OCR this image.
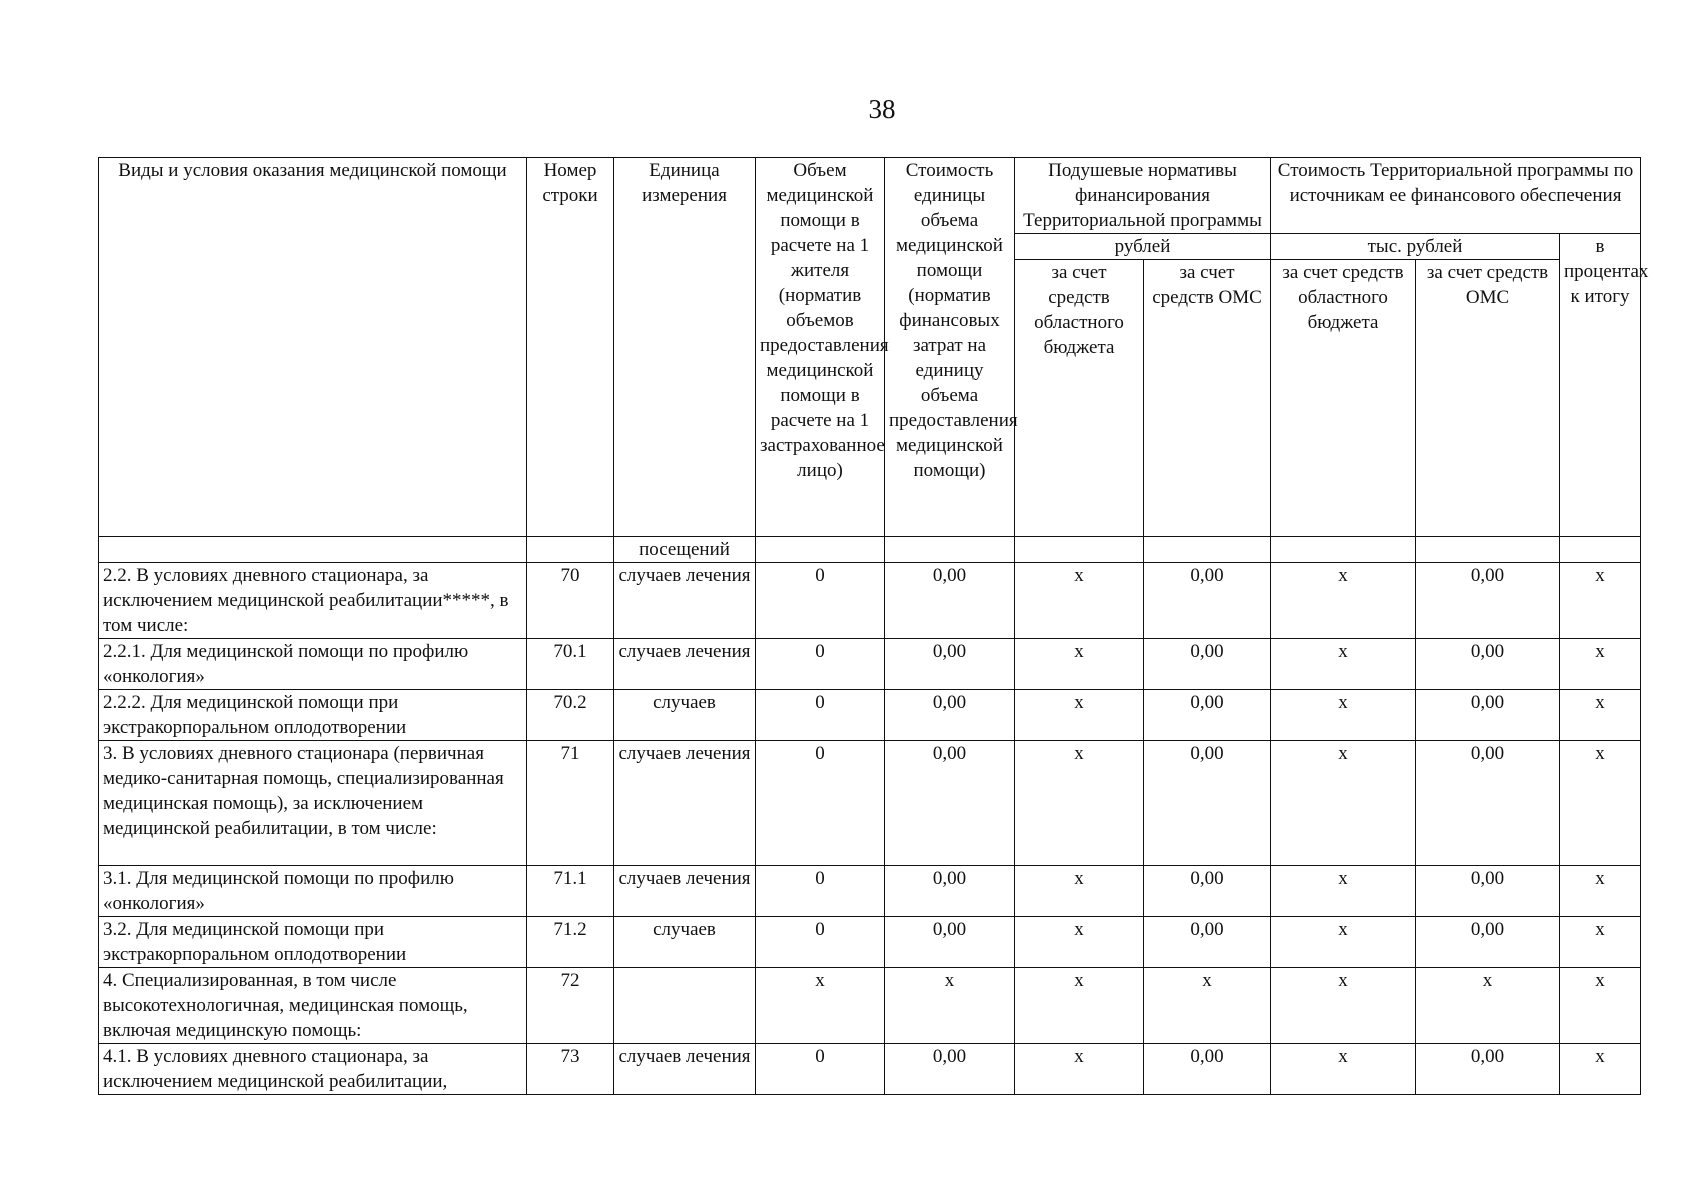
38
Виды и условия оказания медицинской помощи	Номер строки	Единица измерения	Объем медицинской помощи в расчете на 1 жителя (норматив объемов предоставления медицинской помощи в расчете на 1 застрахованное лицо)	Стоимость единицы объема медицинской помощи (норматив финансовых затрат на единицу объема предоставления медицинской помощи)	Подушевые нормативы финансирования Территориальной программы		Стоимость Территориальной программы по источникам ее финансового обеспечения		
					рублей		тыс. рублей		в процентах к итогу
					за счет средств областного бюджета	за счет средств ОМС	за счет средств областного бюджета	за счет средств ОМС	
		посещений							
2.2. В условиях дневного стационара, за исключением медицинской реабилитации*****, в том числе:	70	случаев лечения	0	0,00	х	0,00	х	0,00	х
2.2.1. Для медицинской помощи по профилю «онкология»	70.1	случаев лечения	0	0,00	х	0,00	х	0,00	х
2.2.2. Для медицинской помощи при экстракорпоральном оплодотворении	70.2	случаев	0	0,00	х	0,00	х	0,00	х
3. В условиях дневного стационара (первичная медико-санитарная помощь, специализированная медицинская помощь), за исключением медицинской реабилитации, в том числе:	71	случаев лечения	0	0,00	х	0,00	х	0,00	х
3.1. Для медицинской помощи по профилю «онкология»	71.1	случаев лечения	0	0,00	х	0,00	х	0,00	х
3.2. Для медицинской помощи при экстракорпоральном оплодотворении	71.2	случаев	0	0,00	х	0,00	х	0,00	х
4. Специализированная, в том числе высокотехнологичная, медицинская помощь, включая медицинскую помощь:	72		х	х	х	х	х	х	х
4.1. В условиях дневного стационара, за исключением медицинской реабилитации,	73	случаев лечения	0	0,00	х	0,00	х	0,00	х
